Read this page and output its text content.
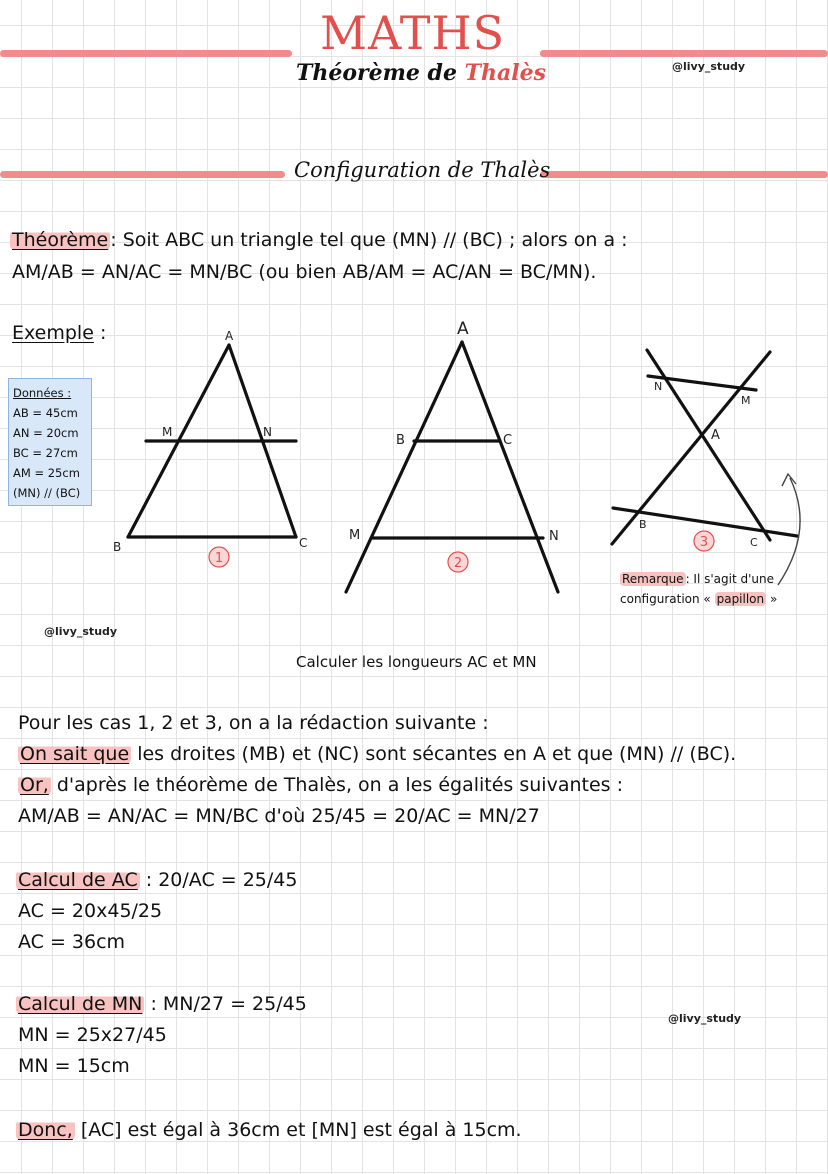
MATHS
Théorème de Thalès	@livy_study
Configuration de Thalès
Théorème : Soit ABC un triangle tel que (MN) // (BC) ; alors on a :
AM/AB = AN/AC = MN/BC (ou bien AB/AM = AC/AN = BC/MN).
Exemple :
Données :
AB = 45cm
AN = 20cm
BC = 27cm
AM = 25cm
(MN) // (BC)
1	2
3
A
M	N
B	C
A
B	C
M	N
N
M
A
B
C
Remarque : Il s'agit d'une
configuration « papillon »
@livy_study
Calculer les longueurs AC et MN
Pour les cas 1, 2 et 3, on a la rédaction suivante :
On sait que les droites (MB) et (NC) sont sécantes en A et que (MN) // (BC).
Or, d'après le théorème de Thalès, on a les égalités suivantes :
AM/AB = AN/AC = MN/BC d'où 25/45 = 20/AC = MN/27
Calcul de AC : 20/AC = 25/45
AC = 20x45/25
AC = 36cm
Calcul de MN : MN/27 = 25/45
MN = 25x27/45
MN = 15cm
@livy_study
Donc, [AC] est égal à 36cm et [MN] est égal à 15cm.
